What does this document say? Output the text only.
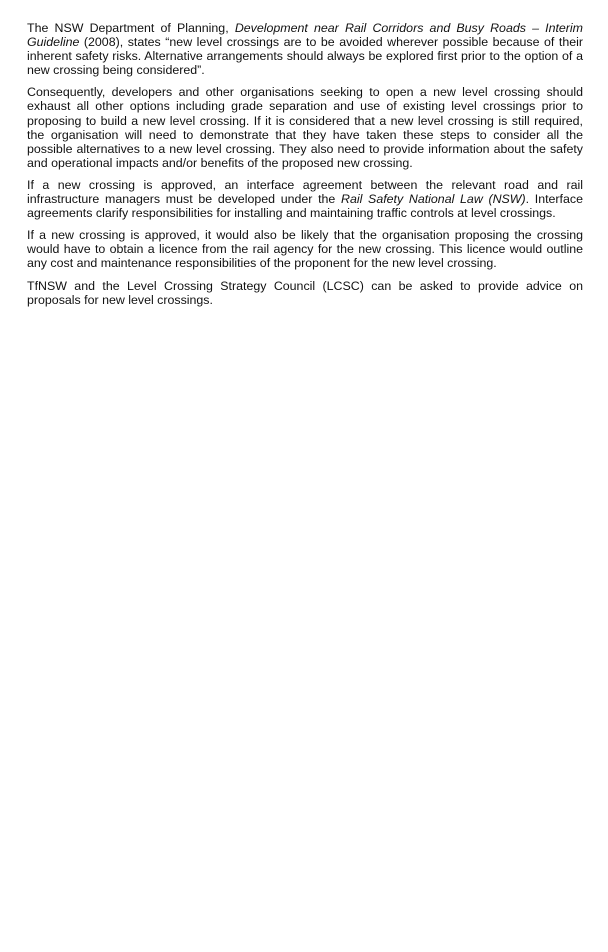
The NSW Department of Planning, Development near Rail Corridors and Busy Roads – Interim Guideline (2008), states “new level crossings are to be avoided wherever possible because of their inherent safety risks. Alternative arrangements should always be explored first prior to the option of a new crossing being considered”.

Consequently, developers and other organisations seeking to open a new level crossing should exhaust all other options including grade separation and use of existing level crossings prior to proposing to build a new level crossing. If it is considered that a new level crossing is still required, the organisation will need to demonstrate that they have taken these steps to consider all the possible alternatives to a new level crossing. They also need to provide information about the safety and operational impacts and/or benefits of the proposed new crossing.

If a new crossing is approved, an interface agreement between the relevant road and rail infrastructure managers must be developed under the Rail Safety National Law (NSW). Interface agreements clarify responsibilities for installing and maintaining traffic controls at level crossings.

If a new crossing is approved, it would also be likely that the organisation proposing the crossing would have to obtain a licence from the rail agency for the new crossing. This licence would outline any cost and maintenance responsibilities of the proponent for the new level crossing.

TfNSW and the Level Crossing Strategy Council (LCSC) can be asked to provide advice on proposals for new level crossings.
